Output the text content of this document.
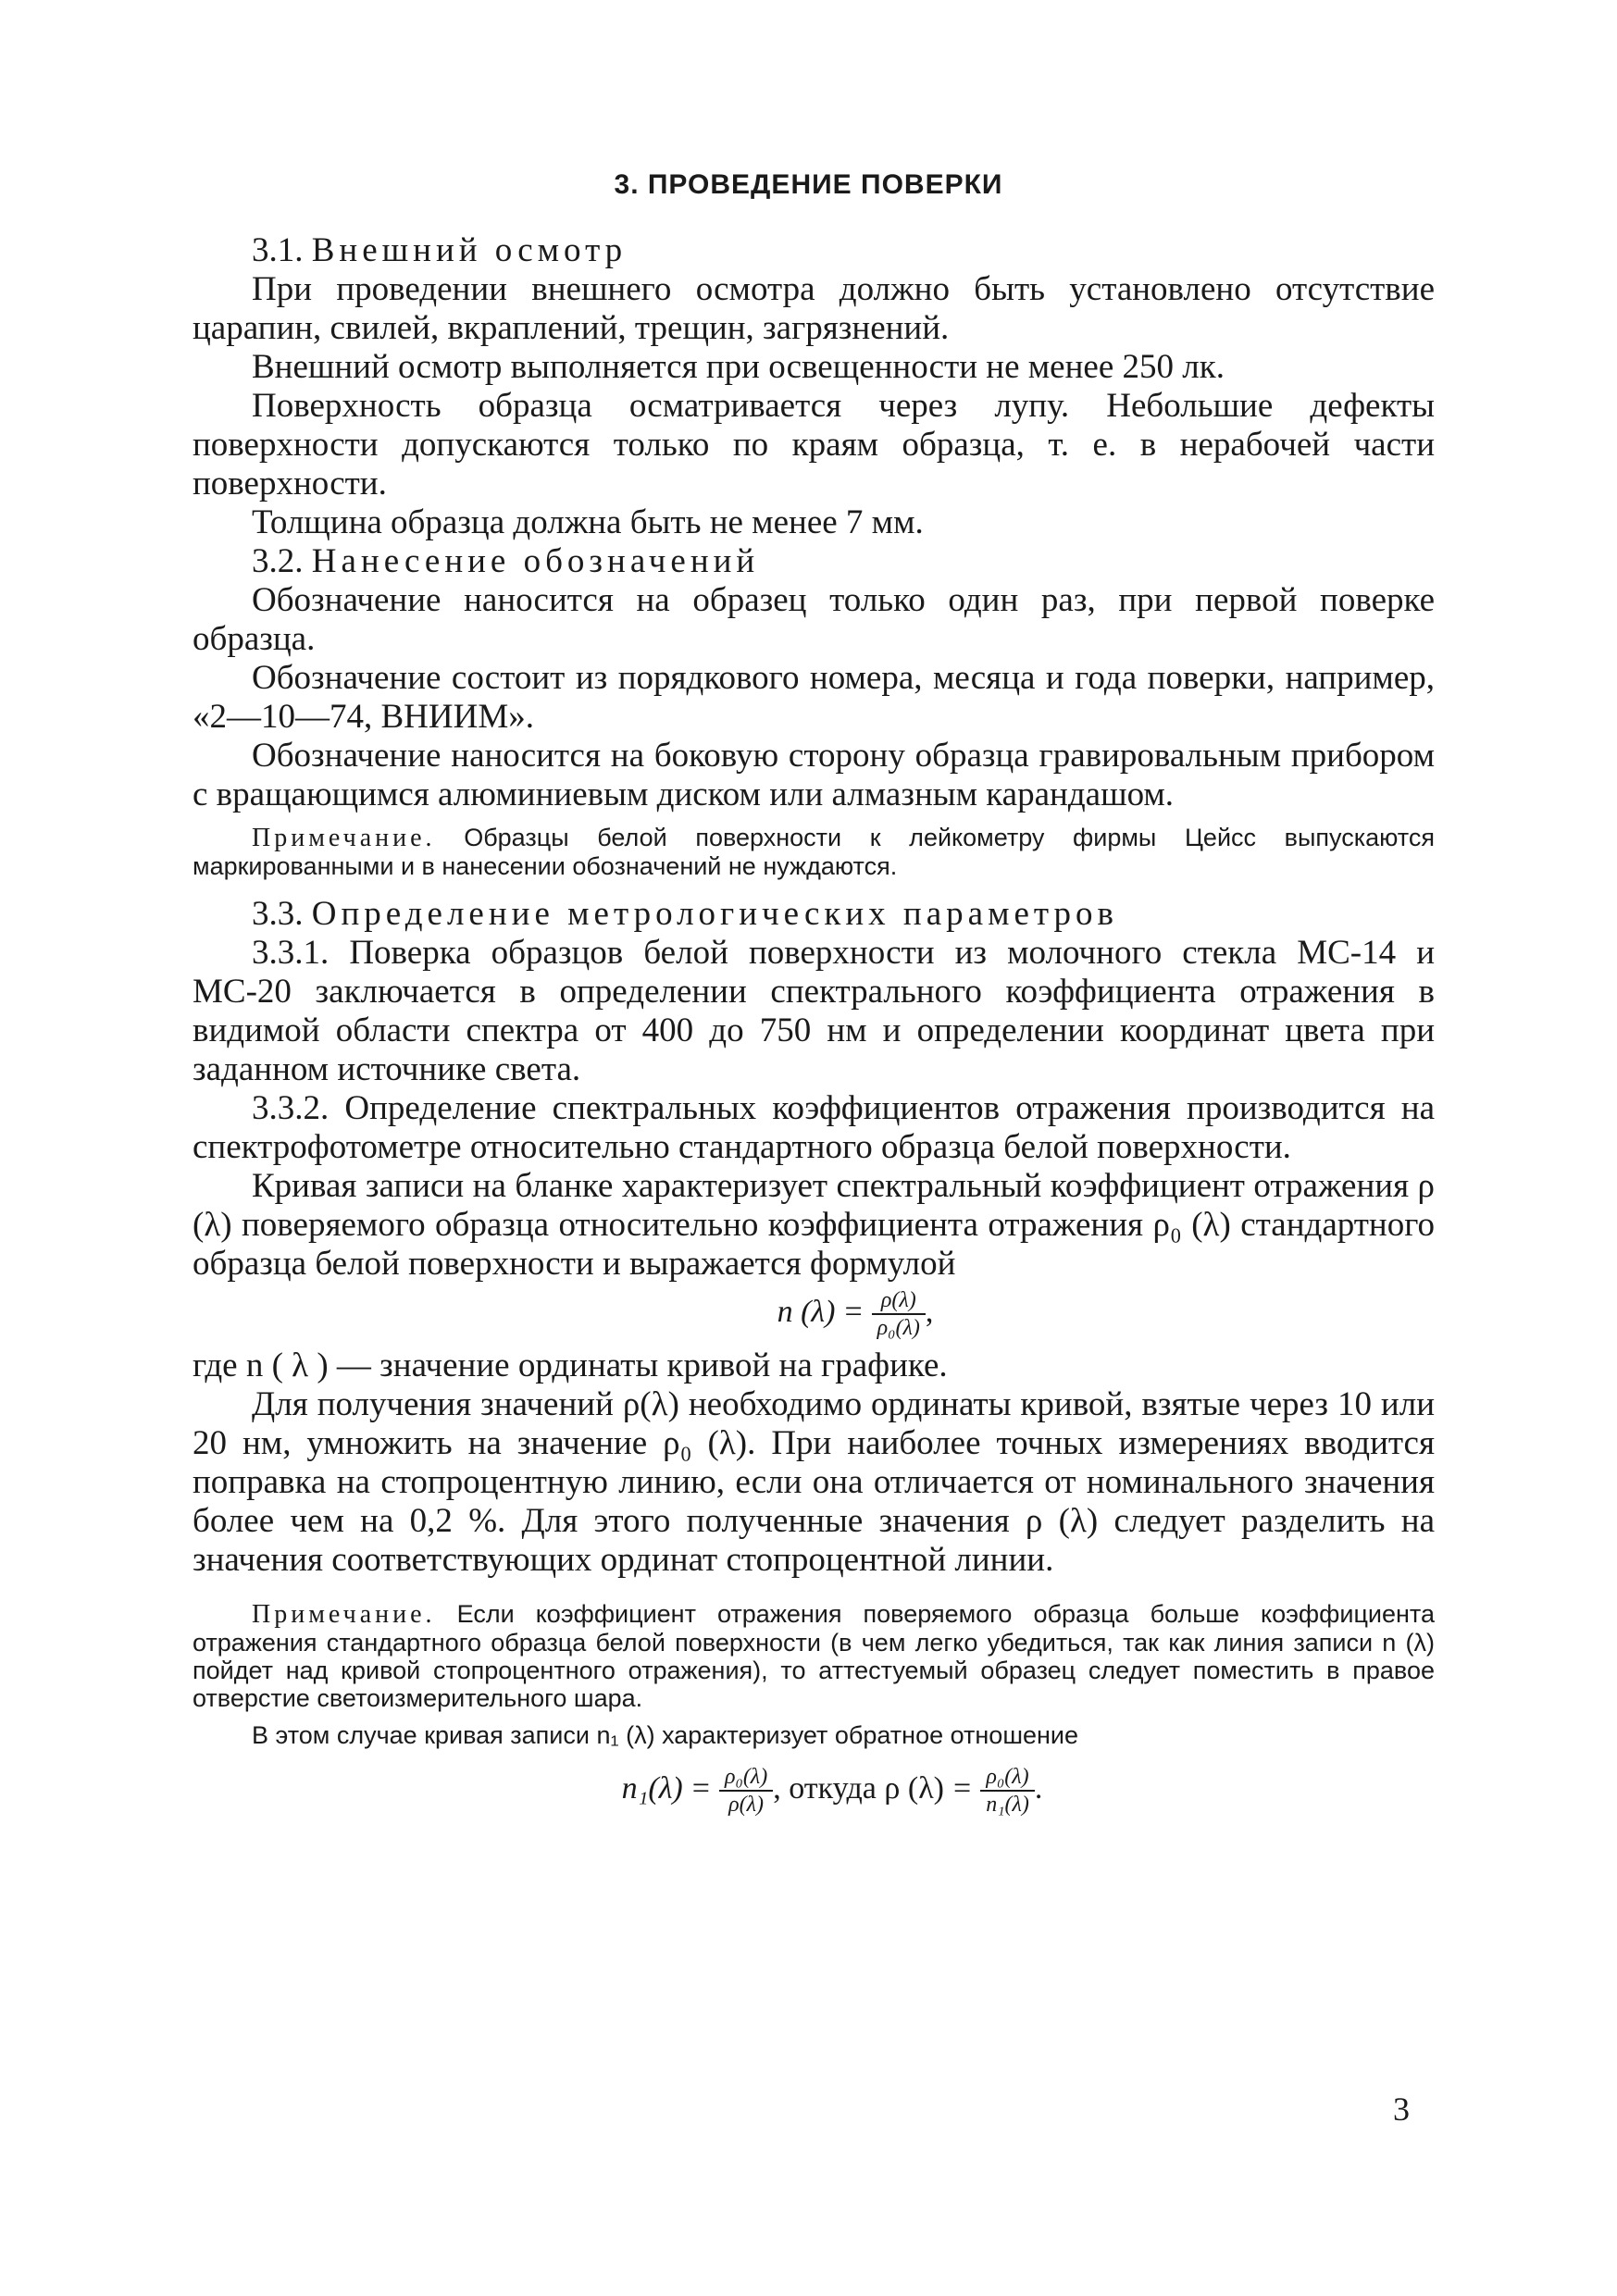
3. ПРОВЕДЕНИЕ ПОВЕРКИ

3.1. Внешний осмотр

При проведении внешнего осмотра должно быть установлено отсутствие царапин, свилей, вкраплений, трещин, загрязнений.

Внешний осмотр выполняется при освещенности не менее 250 лк.

Поверхность образца осматривается через лупу. Небольшие дефекты поверхности допускаются только по краям образца, т. е. в нерабочей части поверхности.

Толщина образца должна быть не менее 7 мм.

3.2. Нанесение обозначений

Обозначение наносится на образец только один раз, при первой поверке образца.

Обозначение состоит из порядкового номера, месяца и года поверки, например, «2—10—74, ВНИИМ».

Обозначение наносится на боковую сторону образца гравировальным прибором с вращающимся алюминиевым диском или алмазным карандашом.

Примечание. Образцы белой поверхности к лейкометру фирмы Цейсс выпускаются маркированными и в нанесении обозначений не нуждаются.

3.3. Определение метрологических параметров

3.3.1. Поверка образцов белой поверхности из молочного стекла МС-14 и МС-20 заключается в определении спектрального коэффициента отражения в видимой области спектра от 400 до 750 нм и определении координат цвета при заданном источнике света.

3.3.2. Определение спектральных коэффициентов отражения производится на спектрофотометре относительно стандартного образца белой поверхности.

Кривая записи на бланке характеризует спектральный коэффициент отражения ρ (λ) поверяемого образца относительно коэффициента отражения ρ₀ (λ) стандартного образца белой поверхности и выражается формулой

n $(\lambda) = \frac{\rho(\lambda)}{\text{ρ₀(λ)}}$ ,

где n ( λ ) — значение ординаты кривой на графике.

Для получения значений ρ(λ) необходимо ординаты кривой, взятые через 10 или 20 нм, умножить на значение ρ₀ (λ). При наиболее точных измерениях вводится поправка на стопроцентную линию, если она отличается от номинального значения более чем на 0,2 %. Для этого полученные значения ρ (λ) следует разделить на значения соответствующих ординат стопроцентной линии.

Примечание. Если коэффициент отражения поверяемого образца больше коэффициента отражения стандартного образца белой поверхности (в чем легко убедиться, так как линия записи n (λ) пойдет над кривой стопроцентного отражения), то аттестуемый образец следует поместить в правое отверстие светоизмерительного шара.

В этом случае кривая записи n₁ (λ) характеризует обратное отношение

$n_1(\lambda) = \frac{\text{ρ₀(λ)}}{\rho(\lambda)}$ , откуда ρ $(\lambda) = \frac{\text{ρ₀(λ)}}{\text{n₁(λ)}}$ .
3
